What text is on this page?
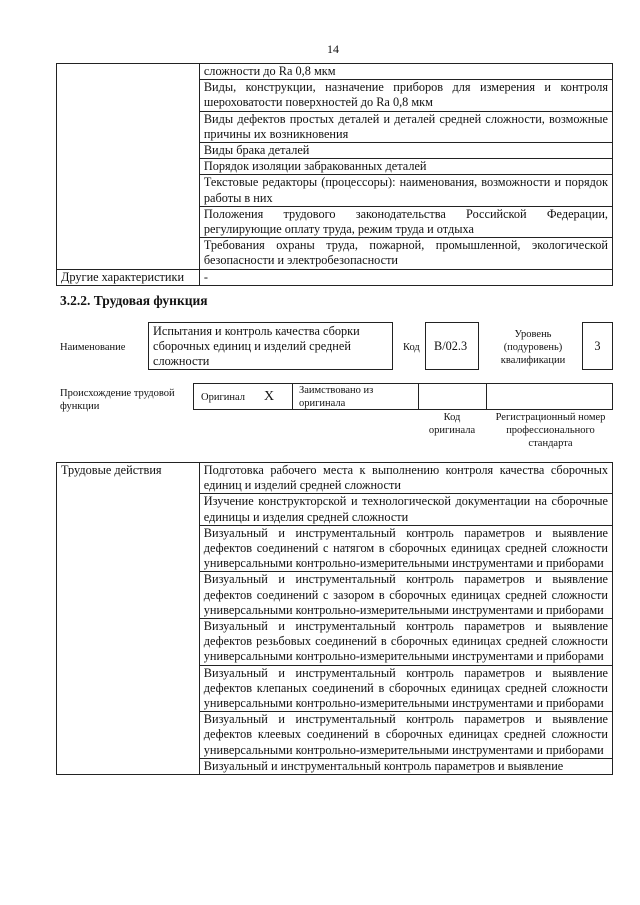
14
	сложности до Ra 0,8 мкм
	Виды, конструкции, назначение приборов для измерения и контроля шероховатости поверхностей до Ra 0,8 мкм
	Виды дефектов простых деталей и деталей средней сложности, возможные причины их возникновения
	Виды брака деталей
	Порядок изоляции забракованных деталей
	Текстовые редакторы (процессоры): наименования, возможности и порядок работы в них
	Положения трудового законодательства Российской Федерации, регулирующие оплату труда, режим труда и отдыха
	Требования охраны труда, пожарной, промышленной, экологической безопасности и электробезопасности
Другие характеристики	-
3.2.2. Трудовая функция
Наименование
Испытания и контроль качества сборки сборочных единиц и изделий средней сложности
Код	В/02.3
Уровень (подуровень) квалификации
3
Происхождение трудовой функции
Оригинал X Заимствовано из оригинала
Код оригинала
Регистрационный номер профессионального стандарта
Трудовые действия	Подготовка рабочего места к выполнению контроля качества сборочных единиц и изделий средней сложности
Изучение конструкторской и технологической документации на сборочные единицы и изделия средней сложности
Визуальный и инструментальный контроль параметров и выявление дефектов соединений с натягом в сборочных единицах средней сложности универсальными контрольно-измерительными инструментами и приборами
Визуальный и инструментальный контроль параметров и выявление дефектов соединений с зазором в сборочных единицах средней сложности универсальными контрольно-измерительными инструментами и приборами
Визуальный и инструментальный контроль параметров и выявление дефектов резьбовых соединений в сборочных единицах средней сложности универсальными контрольно-измерительными инструментами и приборами
Визуальный и инструментальный контроль параметров и выявление дефектов клепаных соединений в сборочных единицах средней сложности универсальными контрольно-измерительными инструментами и приборами
Визуальный и инструментальный контроль параметров и выявление дефектов клеевых соединений в сборочных единицах средней сложности универсальными контрольно-измерительными инструментами и приборами
Визуальный и инструментальный контроль параметров и выявление
